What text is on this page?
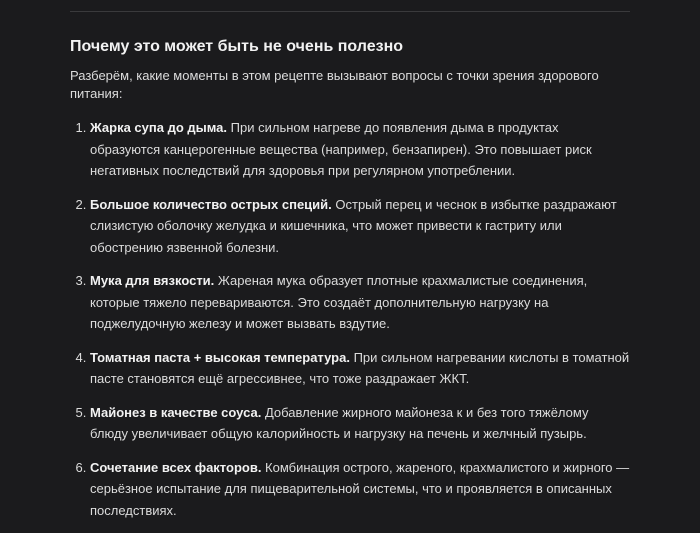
Почему это может быть не очень полезно

Разберём, какие моменты в этом рецепте вызывают вопросы с точки зрения здорового питания:

1. Жарка супа до дыма. При сильном нагреве до появления дыма в продуктах образуются канцерогенные вещества (например, бензапирен). Это повышает риск негативных последствий для здоровья при регулярном употреблении.
2. Большое количество острых специй. Острый перец и чеснок в избытке раздражают слизистую оболочку желудка и кишечника, что может привести к гастриту или обострению язвенной болезни.
3. Мука для вязкости. Жареная мука образует плотные крахмалистые соединения, которые тяжело перевариваются. Это создаёт дополнительную нагрузку на поджелудочную железу и может вызвать вздутие.
4. Томатная паста + высокая температура. При сильном нагревании кислоты в томатной пасте становятся ещё агрессивнее, что тоже раздражает ЖКТ.
5. Майонез в качестве соуса. Добавление жирного майонеза к и без того тяжёлому блюду увеличивает общую калорийность и нагрузку на печень и желчный пузырь.
6. Сочетание всех факторов. Комбинация острого, жареного, крахмалистого и жирного — серьёзное испытание для пищеварительной системы, что и проявляется в описанных последствиях.
